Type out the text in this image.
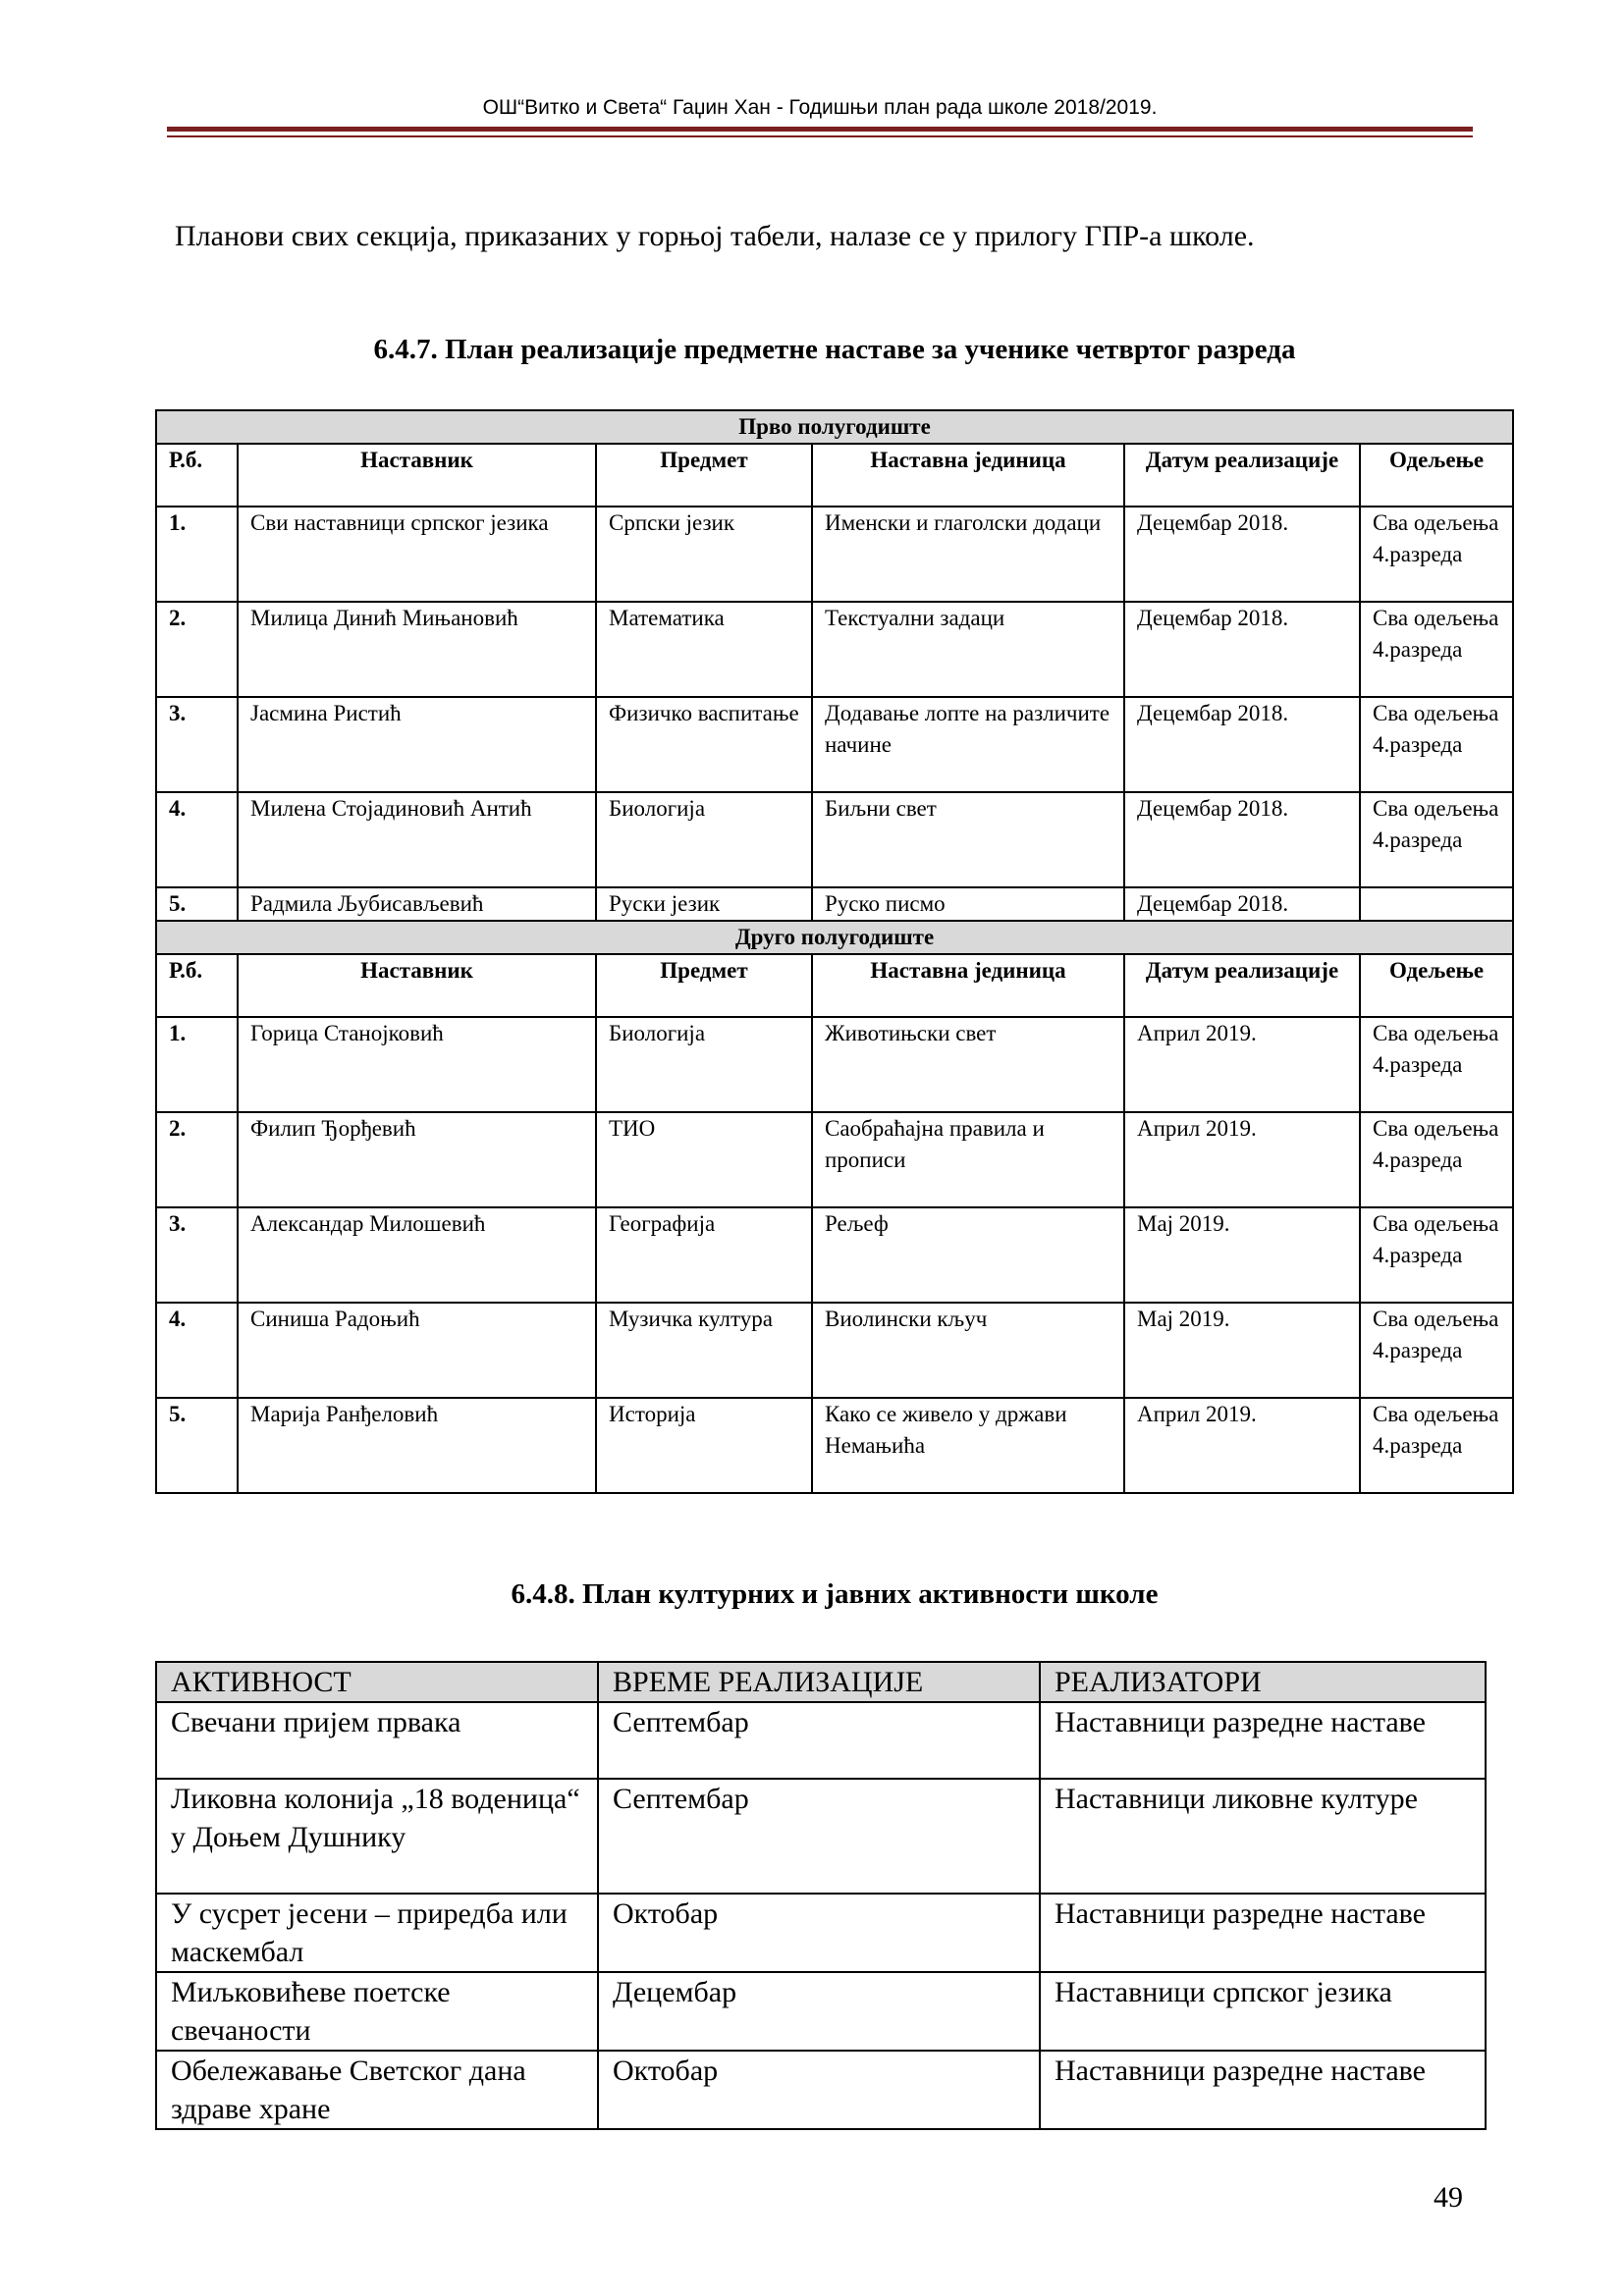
ОШ“Витко и Света“ Гаџин Хан - Годишњи план рада школе 2018/2019.
Планови свих секција, приказаних у горњој табели, налазе се у прилогу ГПР-а школе.
6.4.7. План реализације предметне наставе за ученике четвртог разреда
Прво полугодиште					
Р.б.	Наставник	Предмет	Наставна јединица	Датум реализације	Одељење
1.	Сви наставници српског језика	Српски језик	Именски и глаголски додаци	Децембар 2018.	Сва одељења 4.разреда
2.	Милица Динић Мињановић	Математика	Текстуални задаци	Децембар 2018.	Сва одељења 4.разреда
3.	Јасмина Ристић	Физичко васпитање	Додавање лопте на различите начине	Децембар 2018.	Сва одељења 4.разреда
4.	Милена Стојадиновић Антић	Биологија	Биљни свет	Децембар 2018.	Сва одељења 4.разреда
5.	Радмила Љубисављевић	Руски језик	Руско писмо	Децембар 2018.	
Друго полугодиште					
Р.б.	Наставник	Предмет	Наставна јединица	Датум реализације	Одељење
1.	Горица Станојковић	Биологија	Животињски свет	Април 2019.	Сва одељења 4.разреда
2.	Филип Ђорђевић	ТИО	Саобраћајна правила и прописи	Април 2019.	Сва одељења 4.разреда
3.	Александар Милошевић	Географија	Рељеф	Мај 2019.	Сва одељења 4.разреда
4.	Синиша Радоњић	Музичка култура	Виолински кључ	Мај 2019.	Сва одељења 4.разреда
5.	Марија Ранђеловић	Историја	Како се живело у држави Немањића	Април 2019.	Сва одељења 4.разреда
6.4.8. План културних и јавних активности школе
АКТИВНОСТ	ВРЕМЕ РЕАЛИЗАЦИЈЕ	РЕАЛИЗАТОРИ
Свечани пријем првака	Септембар	Наставници разредне наставе
Ликовна колонија „18 воденица“ у Доњем Душнику	Септембар	Наставници ликовне културе
У сусрет јесени – приредба или маскембал	Октобар	Наставници разредне наставе
Миљковићеве поетске свечаности	Децембар	Наставници српског језика
Обележавање Светског дана здраве хране	Октобар	Наставници разредне наставе
49
